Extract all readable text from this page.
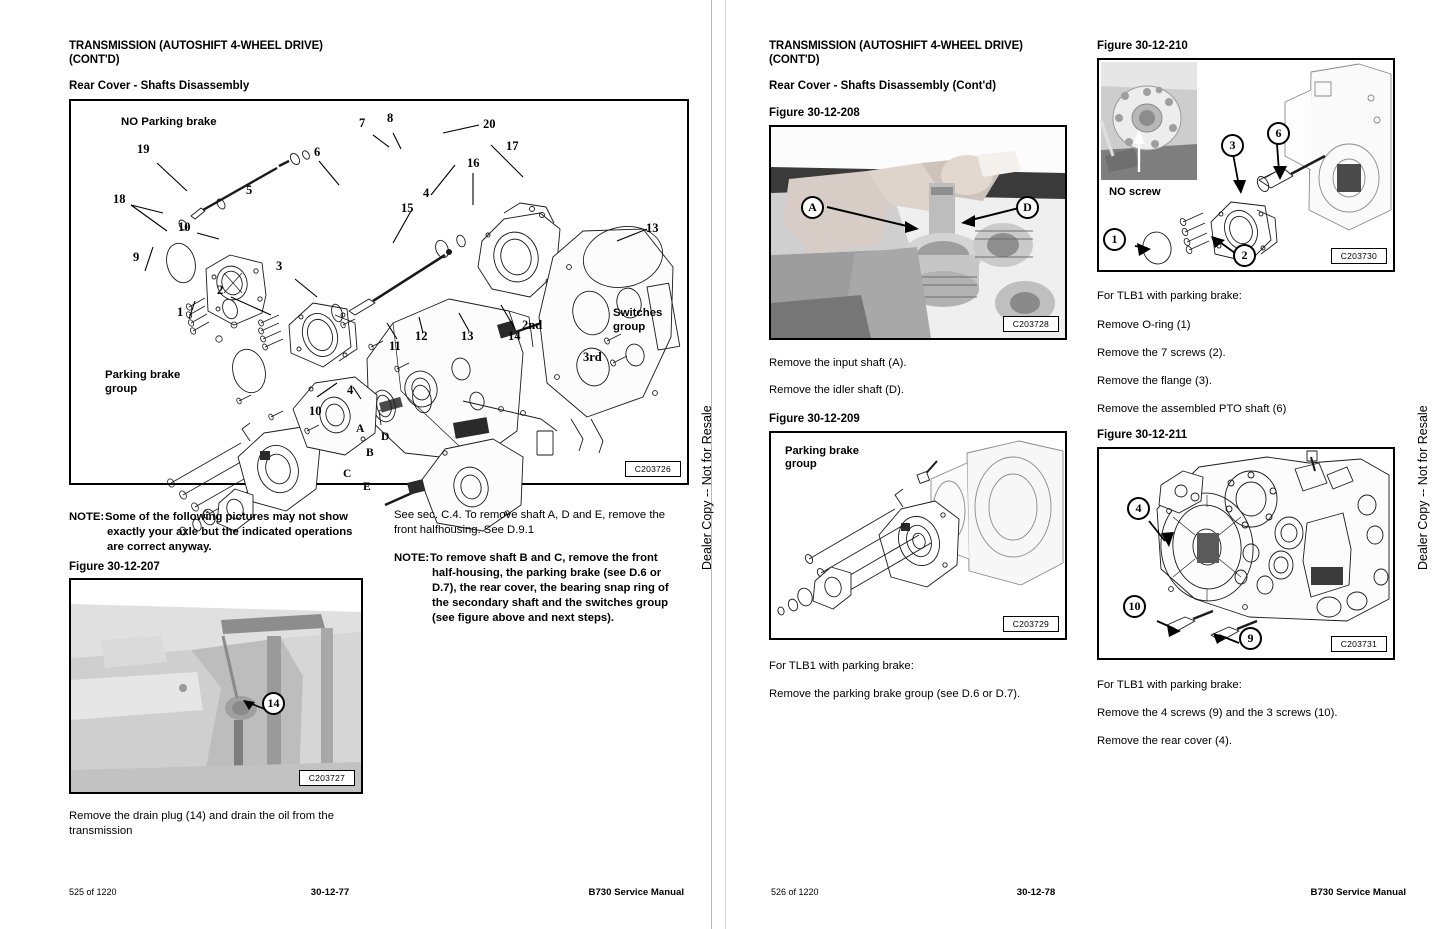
TRANSMISSION (AUTOSHIFT 4-WHEEL DRIVE)
(CONT'D)
Rear Cover - Shafts Disassembly
NO Parking brake
Parking brake
group
Switches
group
2nd
3rd
19
18
9
10
2
1
3
5
6
7 8	20
4
16
17
15
13
11
12	13	14
4
10
A
D
B
C
E
C203726
NOTE:Some of the following pictures may not show
exactly your axle but the indicated operations
are correct anyway.
See sec. C.4. To remove shaft A, D and E, remove the
front halfhousing. See D.9.1
NOTE:To remove shaft B and C, remove the front
half-housing, the parking brake (see D.6 or
D.7), the rear cover, the bearing snap ring of
the secondary shaft and the switches group
(see figure above and next steps).
Figure 30-12-207
14
C203727
Remove the drain plug (14) and drain the oil from the
transmission
Dealer Copy -- Not for Resale
525 of 1220	30-12-77	B730 Service Manual
TRANSMISSION (AUTOSHIFT 4-WHEEL DRIVE)
(CONT'D)
Rear Cover - Shafts Disassembly (Cont'd)
Figure 30-12-208
A	D
C203728
Remove the input shaft (A).
Remove the idler shaft (D).
Figure 30-12-209
Parking brake
group
C203729
For TLB1 with parking brake:
Remove the parking brake group (see D.6 or D.7).
Figure 30-12-210
NO screw
1
2
3
6
C203730
For TLB1 with parking brake:
Remove O-ring (1)
Remove the 7 screws (2).
Remove the flange (3).
Remove the assembled PTO shaft (6)
Figure 30-12-211
4
10
9	C203731
For TLB1 with parking brake:
Remove the 4 screws (9) and the 3 screws (10).
Remove the rear cover (4).
Dealer Copy -- Not for Resale
526 of 1220	30-12-78	B730 Service Manual
